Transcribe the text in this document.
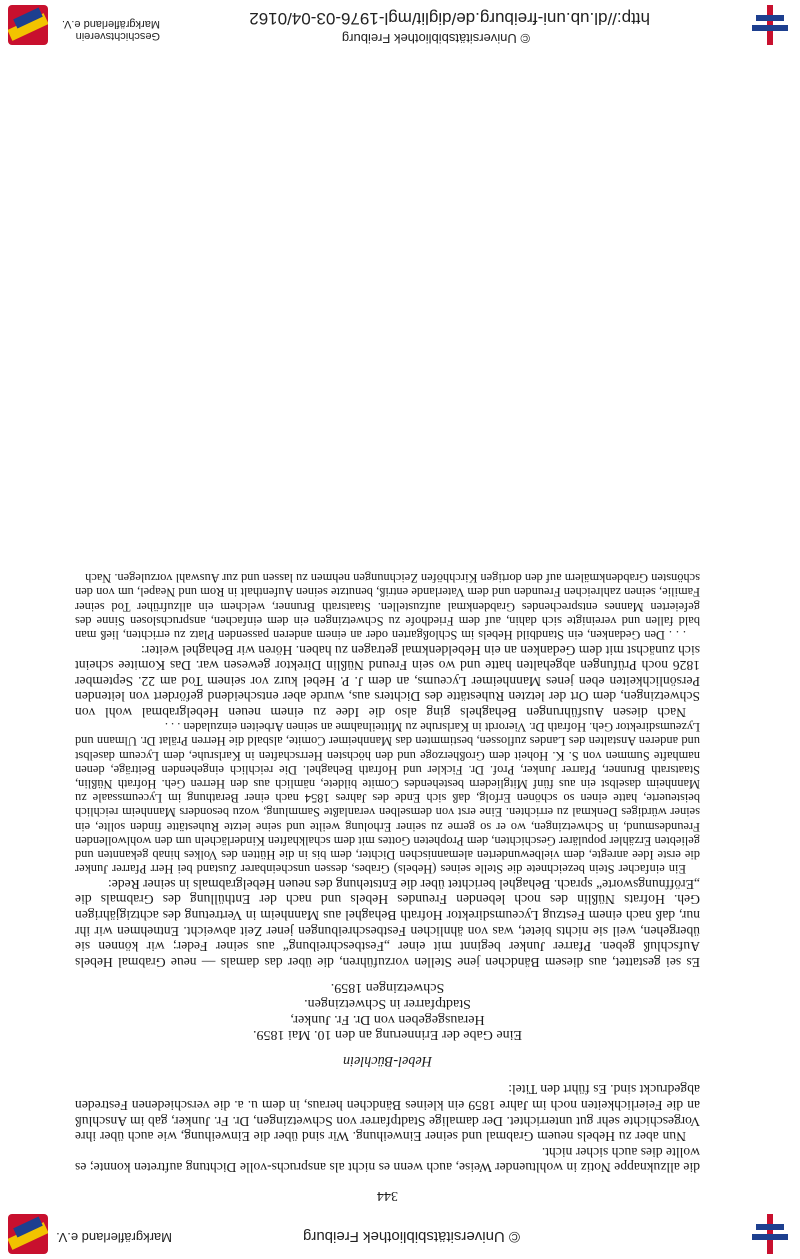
© Universitätsbibliothek Freiburg
Markgräflerland e.V.
344

die allzuknappe Notiz in wohltuender Weise, auch wenn es nicht als anspruchs-volle Dichtung auftreten konnte; es wollte dies auch sicher nicht.

Nun aber zu Hebels neuem Grabmal und seiner Einweihung. Wir sind über die Einweihung, wie auch über ihre Vorgeschichte sehr gut unterrichtet. Der damalige Stadtpfarrer von Schwetzingen, Dr. Fr. Junker, gab im Anschluß an die Feierlichkeiten noch im Jahre 1859 ein kleines Bändchen heraus, in dem u. a. die verschiedenen Festreden abgedruckt sind. Es führt den Titel:

Hebel-Büchlein

Eine Gabe der Erinnerung an den 10. Mai 1859.

Herausgegeben von Dr. Fr. Junker,

Stadtpfarrer in Schwetzingen.

Schwetzingen 1859.

Es sei gestattet, aus diesem Bändchen jene Stellen vorzuführen, die über das damals — neue Grabmal Hebels Aufschluß geben. Pfarrer Junker beginnt mit einer „Festbeschreibung“ aus seiner Feder; wir können sie übergehen, weil sie nichts bietet, was von ähnlichen Festbeschreibungen jener Zeit abweicht. Entnehmen wir ihr nur, daß nach einem Festzug Lyceumsdirektor Hofrath Behaghel aus Mannheim in Vertretung des achtzigjährigen Geh. Hofrats Nüßlin des noch lebenden Freundes Hebels und nach der Enthüllung des Grabmals die „Eröffnungsworte“ sprach. Behaghel berichtet über die Entstehung des neuen Hebelgrabmals in seiner Rede:

Ein einfacher Stein bezeichnete die Stelle seines (Hebels) Grabes, dessen unscheinbarer Zustand bei Herr Pfarrer Junker die erste Idee anregte, dem vielbewunderten alemannischen Dichter, dem bis in die Hütten des Volkes hinab gekannten und geliebten Erzähler populärer Geschichten, dem Propheten Gottes mit dem schalkhaften Kinderlächeln um den wohlwollenden Freundesmund, in Schwetzingen, wo er so gerne zu seiner Erholung weilte und seine letzte Ruhestätte finden sollte, ein seiner würdiges Denkmal zu errichten. Eine erst von demselben veranlaßte Sammlung, wozu besonders Mannheim reichlich beisteuerte, hatte einen so schönen Erfolg, daß sich Ende des Jahres 1854 nach einer Berathung im Lyceumssaale zu Mannheim daselbst ein aus fünf Mitgliedern bestehendes Comite bildete, nämlich aus den Herren Geh. Hofrath Nüßlin, Staatsrath Brunner, Pfarrer Junker, Prof. Dr. Fickler und Hofrath Behaghel. Die reichlich eingehenden Beiträge, denen namhafte Summen von S. K. Hoheit dem Großherzoge und den höchsten Herrschaften in Karlsruhe, dem Lyceum daselbst und anderen Anstalten des Landes zuflossen, bestimmten das Mannheimer Comite, alsbald die Herren Prälat Dr. Ulmann und Lyzeumsdirektor Geh. Hofrath Dr. Vierordt in Karlsruhe zu Mitteilnahme an seinen Arbeiten einzuladen . . .

Nach diesen Ausführungen Behaghels ging also die Idee zu einem neuen Hebelgrabmal wohl von Schwetzingen, dem Ort der letzten Ruhestätte des Dichters aus, wurde aber entscheidend gefördert von leitenden Persönlichkeiten eben jenes Mannheimer Lyceums, an dem J. P. Hebel kurz vor seinem Tod am 22. September 1826 noch Prüfungen abgehalten hatte und wo sein Freund Nüßlin Direktor gewesen war. Das Komitee scheint sich zunächst mit dem Gedanken an ein Hebeldenkmal getragen zu haben. Hören wir Behaghel weiter:

. . . Den Gedanken, ein Standbild Hebels im Schloßgarten oder an einem anderen passenden Platz zu errichten, ließ man bald fallen und vereinigte sich dahin, auf dem Friedhofe zu Schwetzingen ein dem einfachen, anspruchslosen Sinne des gefeierten Mannes entsprechendes Grabdenkmal aufzustellen. Staatsrath Brunner, welchem ein allzufrüher Tod seiner Familie, seinen zahlreichen Freunden und dem Vaterlande entriß, benutzte seinen Aufenthalt in Rom und Neapel, um von den schönsten Grabdenkmälern auf den dortigen Kirchhöfen Zeichnungen nehmen zu lassen und zur Auswahl vorzulegen. Nach

© Universitätsbibliothek Freiburg
http://dl.ub.uni-freiburg.de/diglit/mgl-1976-03-04/0162
Geschichtsverein
Markgräflerland e.V.
